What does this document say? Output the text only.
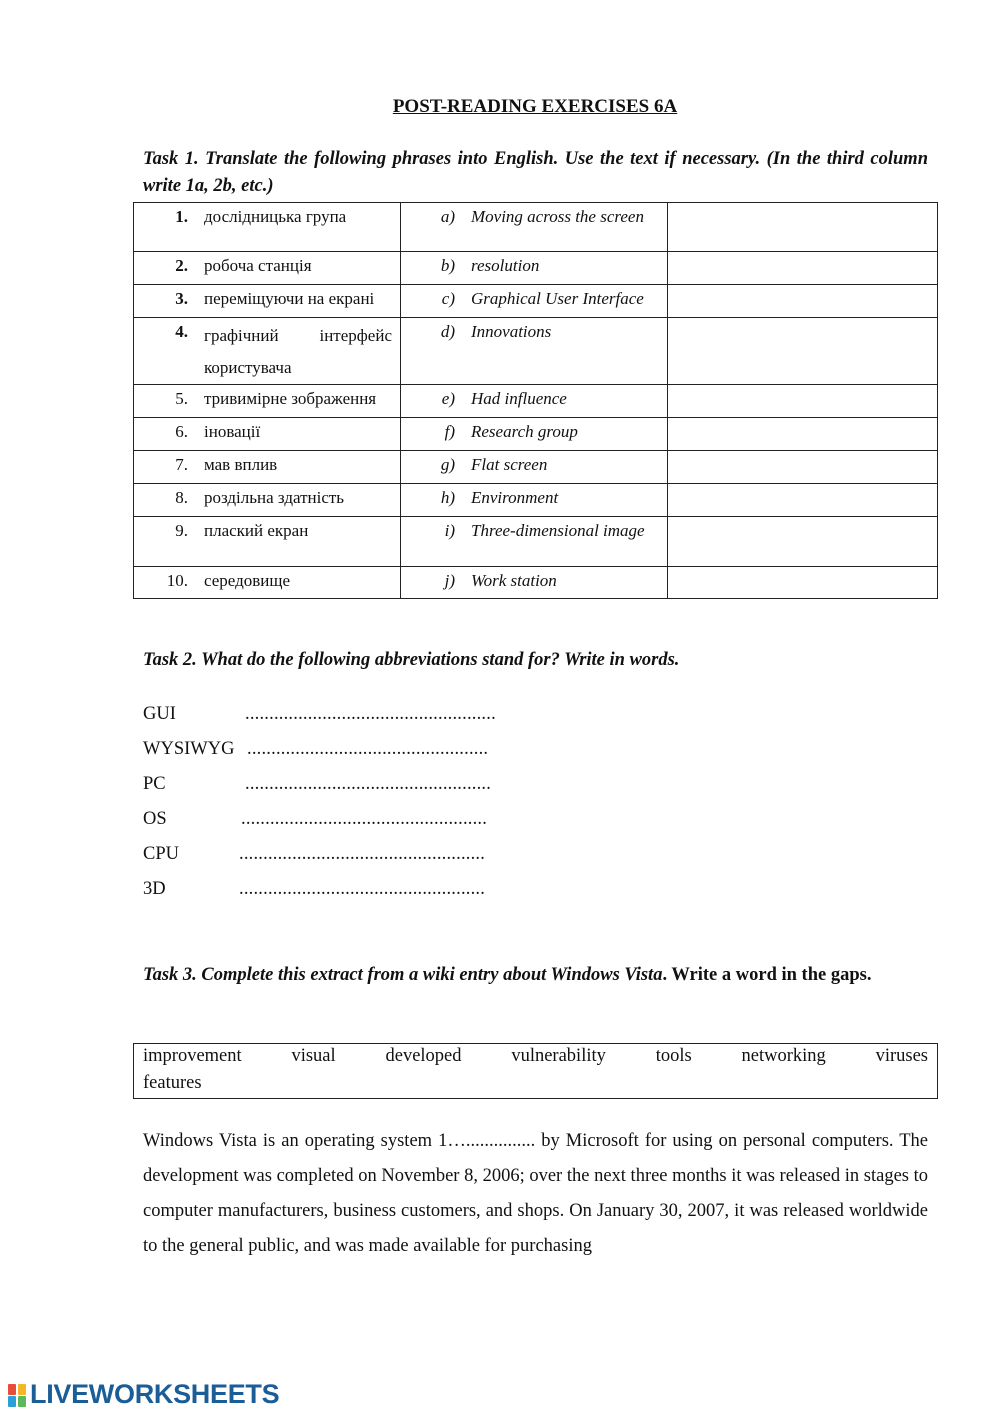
POST-READING EXERCISES 6A
Task 1. Translate the following phrases into English. Use the text if necessary. (In the third column write 1a, 2b, etc.)
1. дослідницька група	a) Moving across the screen	

2. робоча станція	b) resolution	

3. переміщуючи на екрані	c) Graphical User Interface	

4. графічний інтерфейс користувача	d) Innovations	

5. тривимірне зображення	e) Had influence	

6. іновації	f) Research group	

7. мав вплив	g) Flat screen	

8. роздільна здатність	h) Environment	

9. плаский екран	i) Three-dimensional image	

10. середовище	j) Work station	

Task 2. What do the following abbreviations stand for? Write in words.
GUI	....................................................
WYSIWYG ..................................................
PC	...................................................
OS	...................................................
CPU	...................................................
3D	...................................................
Task 3. Complete this extract from a wiki entry about Windows Vista. Write a word in the gaps.
improvement	visual	developed	vulnerability	tools	networking	viruses
features
Windows Vista is an operating system 1…............... by Microsoft for using on personal computers. The development was completed on November 8, 2006; over the next three months it was released in stages to computer manufacturers, business customers, and shops. On January 30, 2007, it was released worldwide to the general public, and was made available for purchasing
LIVEWORKSHEETS
